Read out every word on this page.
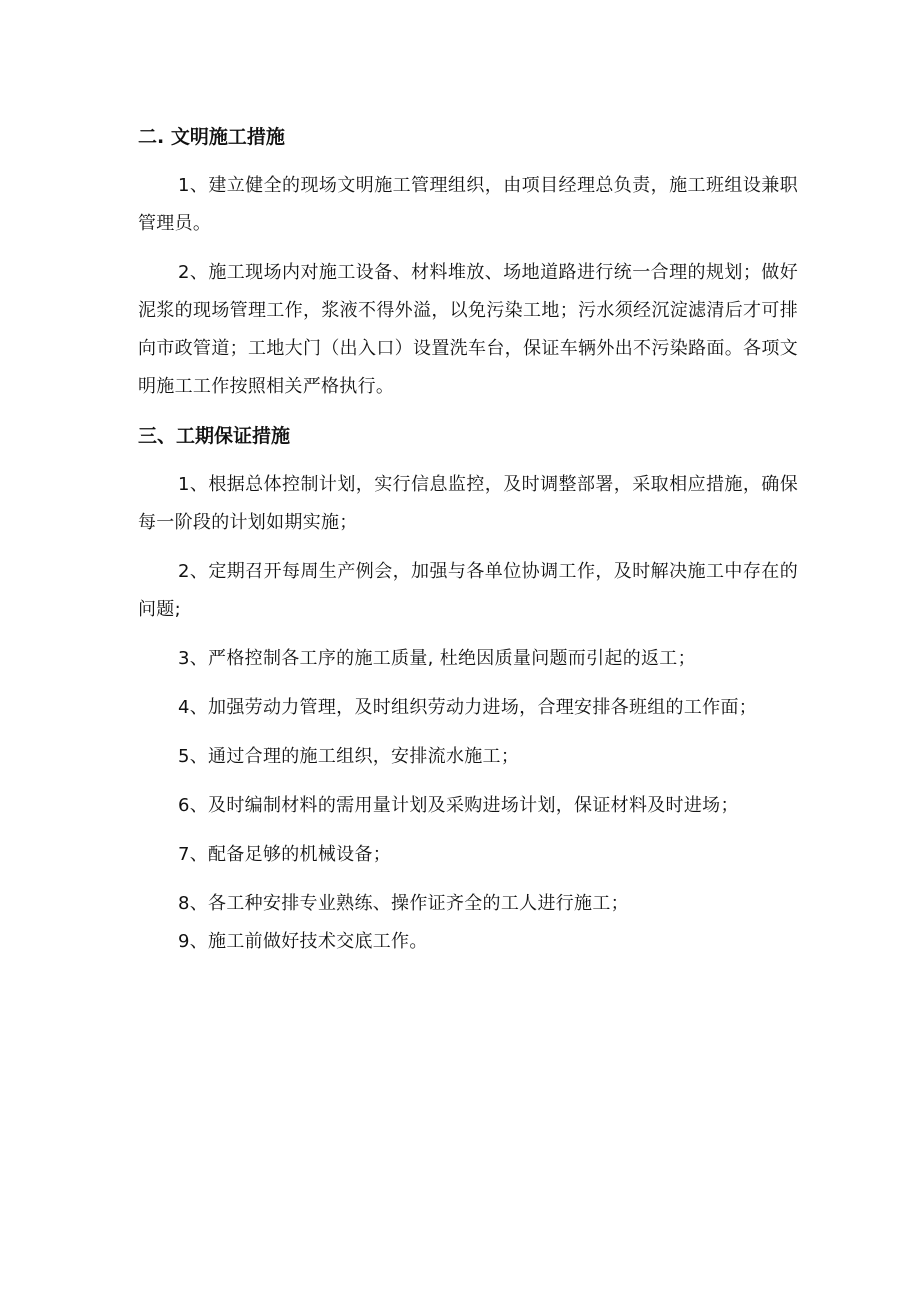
二. 文明施工措施

1、建立健全的现场文明施工管理组织，由项目经理总负责，施工班组设兼职管理员。

2、施工现场内对施工设备、材料堆放、场地道路进行统一合理的规划；做好泥浆的现场管理工作，浆液不得外溢，以免污染工地；污水须经沉淀滤清后才可排向市政管道；工地大门（出入口）设置洗车台，保证车辆外出不污染路面。各项文明施工工作按照相关严格执行。

三、工期保证措施

1、根据总体控制计划，实行信息监控，及时调整部署，采取相应措施，确保每一阶段的计划如期实施；

2、定期召开每周生产例会，加强与各单位协调工作，及时解决施工中存在的问题;

3、严格控制各工序的施工质量, 杜绝因质量问题而引起的返工；

4、加强劳动力管理，及时组织劳动力进场，合理安排各班组的工作面；

5、通过合理的施工组织，安排流水施工；

6、及时编制材料的需用量计划及采购进场计划，保证材料及时进场；

7、配备足够的机械设备；

8、各工种安排专业熟练、操作证齐全的工人进行施工；

9、施工前做好技术交底工作。
